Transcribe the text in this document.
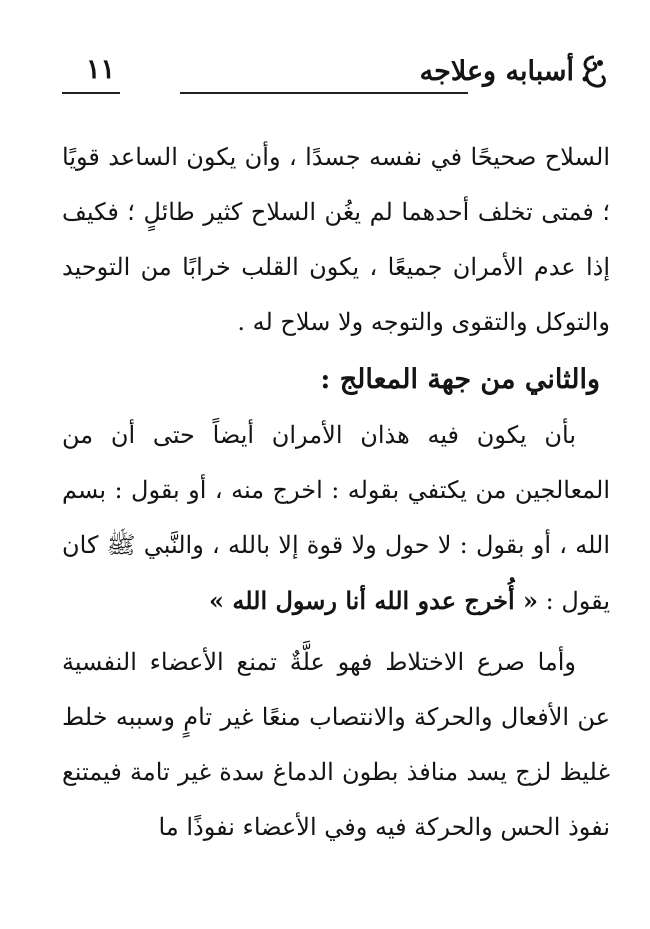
١١	أسبابه وعلاجه

السلاح صحيحًا في نفسه جسدًا ، وأن يكون الساعد قويًا ؛ فمتى تخلف أحدهما لم يغُن السلاح كثير طائلٍ ؛ فكيف إذا عدم الأمران جميعًا ، يكون القلب خرابًا من التوحيد والتوكل والتقوى والتوجه ولا سلاح له .

والثاني من جهة المعالج :

بأن يكون فيه هذان الأمران أيضاً حتى أن من المعالجين من يكتفي بقوله : اخرج منه ، أو بقول : بسم الله ، أو بقول : لا حول ولا قوة إلا بالله ، والنَّبي ﷺ كان يقول : « أُخرج عدو الله أنا رسول الله »

وأما صرع الاختلاط فهو علَّةٌ تمنع الأعضاء النفسية عن الأفعال والحركة والانتصاب منعًا غير تامٍ وسببه خلط غليظ لزج يسد منافذ بطون الدماغ سدة غير تامة فيمتنع نفوذ الحس والحركة فيه وفي الأعضاء نفوذًا ما
